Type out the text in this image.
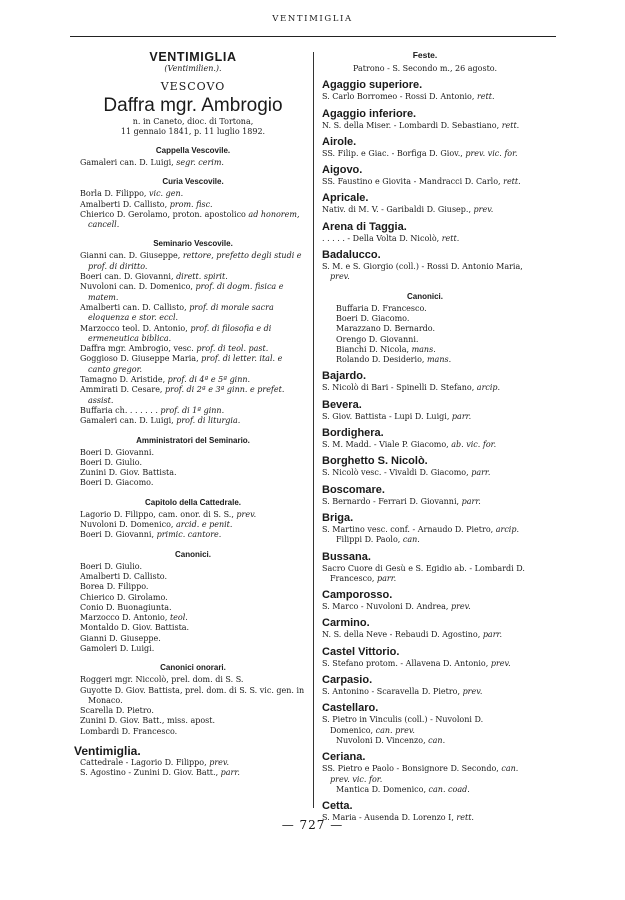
VENTIMIGLIA
VENTIMIGLIA
(Ventimilien.).
VESCOVO
Daffra mgr. Ambrogio
n. in Caneto, dioc. di Tortona,
11 gennaio 1841, p. 11 luglio 1892.
Cappella Vescovile.
Gamaleri can. D. Luigi, segr. cerim.
Curia Vescovile.
Borla D. Filippo, vic. gen.
Amalberti D. Callisto, prom. fisc.
Chierico D. Gerolamo, proton. apostolico ad honorem, cancell.
Seminario Vescovile.
Gianni can. D. Giuseppe, rettore, prefetto degli studi e prof. di diritto.
Boeri can. D. Giovanni, dirett. spirit.
Nuvoloni can. D. Domenico, prof. di dogm. fisica e matem.
Amalberti can. D. Callisto, prof. di morale sacra eloquenza e stor. eccl.
Marzocco teol. D. Antonio, prof. di filosofia e di ermeneutica biblica.
Daffra mgr. Ambrogio, vesc. prof. di teol. past.
Goggioso D. Giuseppe Maria, prof. di letter. ital. e canto gregor.
Tamagno D. Aristide, prof. di 4ª e 5ª ginn.
Ammirati D. Cesare, prof. di 2ª e 3ª ginn. e prefet. assist.
Buffaria ch. . . . . . . prof. di 1ª ginn.
Gamaleri can. D. Luigi, prof. di liturgia.
Amministratori del Seminario.
Boeri D. Giovanni.
Boeri D. Giulio.
Zunini D. Giov. Battista.
Boeri D. Giacomo.
Capitolo della Cattedrale.
Lagorio D. Filippo, cam. onor. di S. S., prev.
Nuvoloni D. Domenico, arcid. e penit.
Boeri D. Giovanni, primic. cantore.
Canonici.
Boeri D. Giulio.
Amalberti D. Callisto.
Borea D. Filippo.
Chierico D. Girolamo.
Conio D. Buonagiunta.
Marzocco D. Antonio, teol.
Montaldo D. Giov. Battista.
Gianni D. Giuseppe.
Gamoleri D. Luigi.
Canonici onorari.
Roggeri mgr. Niccolò, prel. dom. di S. S.
Guyotte D. Giov. Battista, prel. dom. di S. S. vic. gen. in Monaco.
Scarella D. Pietro.
Zunini D. Giov. Batt., miss. apost.
Lombardi D. Francesco.
Ventimiglia.
Cattedrale - Lagorio D. Filippo, prev.
S. Agostino - Zunini D. Giov. Batt., parr.
Feste.
Patrono - S. Secondo m., 26 agosto.
Agaggio superiore.
S. Carlo Borromeo - Rossi D. Antonio, rett.
Agaggio inferiore.
N. S. della Miser. - Lombardi D. Sebastiano, rett.
Airole.
SS. Filip. e Giac. - Borfiga D. Giov., prev. vic. for.
Aigovo.
SS. Faustino e Giovita - Mandracci D. Carlo, rett.
Apricale.
Nativ. di M. V. - Garibaldi D. Giusep., prev.
Arena di Taggia.
. . . . . - Della Volta D. Nicolò, rett.
Badalucco.
S. M. e S. Giorgio (coll.) - Rossi D. Antonio Maria, prev.
Canonici.
Buffaria D. Francesco.
Boeri D. Giacomo.
Marazzano D. Bernardo.
Orengo D. Giovanni.
Bianchi D. Nicola, mans.
Rolando D. Desiderio, mans.
Bajardo.
S. Nicolò di Bari - Spinelli D. Stefano, arcip.
Bevera.
S. Giov. Battista - Lupi D. Luigi, parr.
Bordighera.
S. M. Madd. - Viale P. Giacomo, ab. vic. for.
Borghetto S. Nicolò.
S. Nicolò vesc. - Vivaldi D. Giacomo, parr.
Boscomare.
S. Bernardo - Ferrari D. Giovanni, parr.
Briga.
S. Martino vesc. conf. - Arnaudo D. Pietro, arcip.
Filippi D. Paolo, can.
Bussana.
Sacro Cuore di Gesù e S. Egidio ab. - Lombardi D. Francesco, parr.
Camporosso.
S. Marco - Nuvoloni D. Andrea, prev.
Carmino.
N. S. della Neve - Rebaudi D. Agostino, parr.
Castel Vittorio.
S. Stefano protom. - Allavena D. Antonio, prev.
Carpasio.
S. Antonino - Scaravella D. Pietro, prev.
Castellaro.
S. Pietro in Vinculis (coll.) - Nuvoloni D. Domenico, can. prev.
Nuvoloni D. Vincenzo, can.
Ceriana.
SS. Pietro e Paolo - Bonsignore D. Secondo, can. prev. vic. for.
Mantica D. Domenico, can. coad.
Cetta.
S. Maria - Ausenda D. Lorenzo I, rett.
— 727 —
